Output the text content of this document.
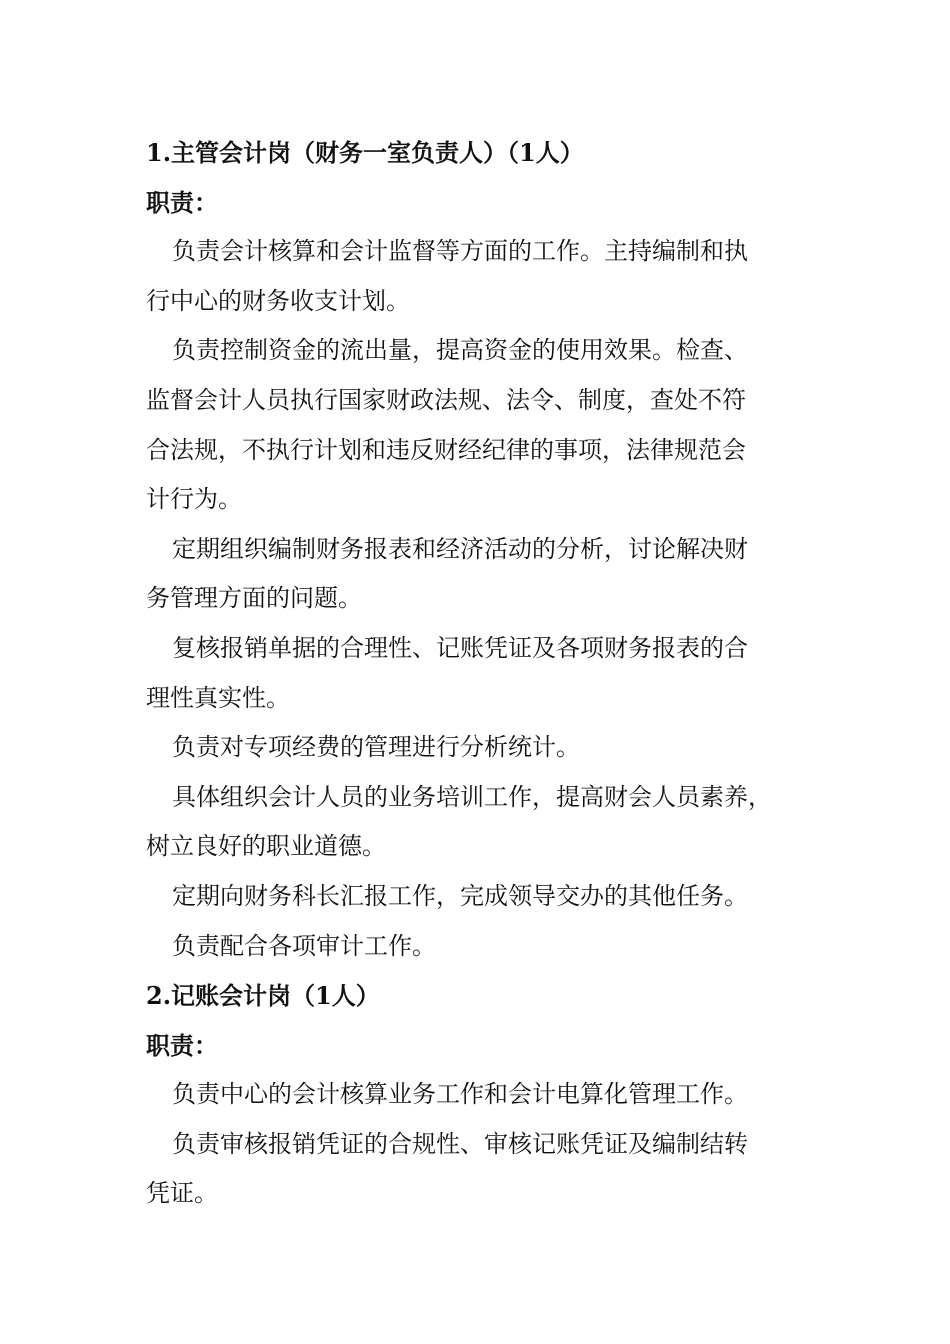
1.主管会计岗（财务一室负责人）（1人）
职责：
负责会计核算和会计监督等方面的工作。主持编制和执
行中心的财务收支计划。
负责控制资金的流出量，提高资金的使用效果。检查、
监督会计人员执行国家财政法规、法令、制度，查处不符
合法规，不执行计划和违反财经纪律的事项，法律规范会
计行为。
定期组织编制财务报表和经济活动的分析，讨论解决财
务管理方面的问题。
复核报销单据的合理性、记账凭证及各项财务报表的合
理性真实性。
负责对专项经费的管理进行分析统计。
具体组织会计人员的业务培训工作，提高财会人员素养，
树立良好的职业道德。
定期向财务科长汇报工作，完成领导交办的其他任务。
负责配合各项审计工作。
2.记账会计岗（1人）
职责：
负责中心的会计核算业务工作和会计电算化管理工作。
负责审核报销凭证的合规性、审核记账凭证及编制结转
凭证。
